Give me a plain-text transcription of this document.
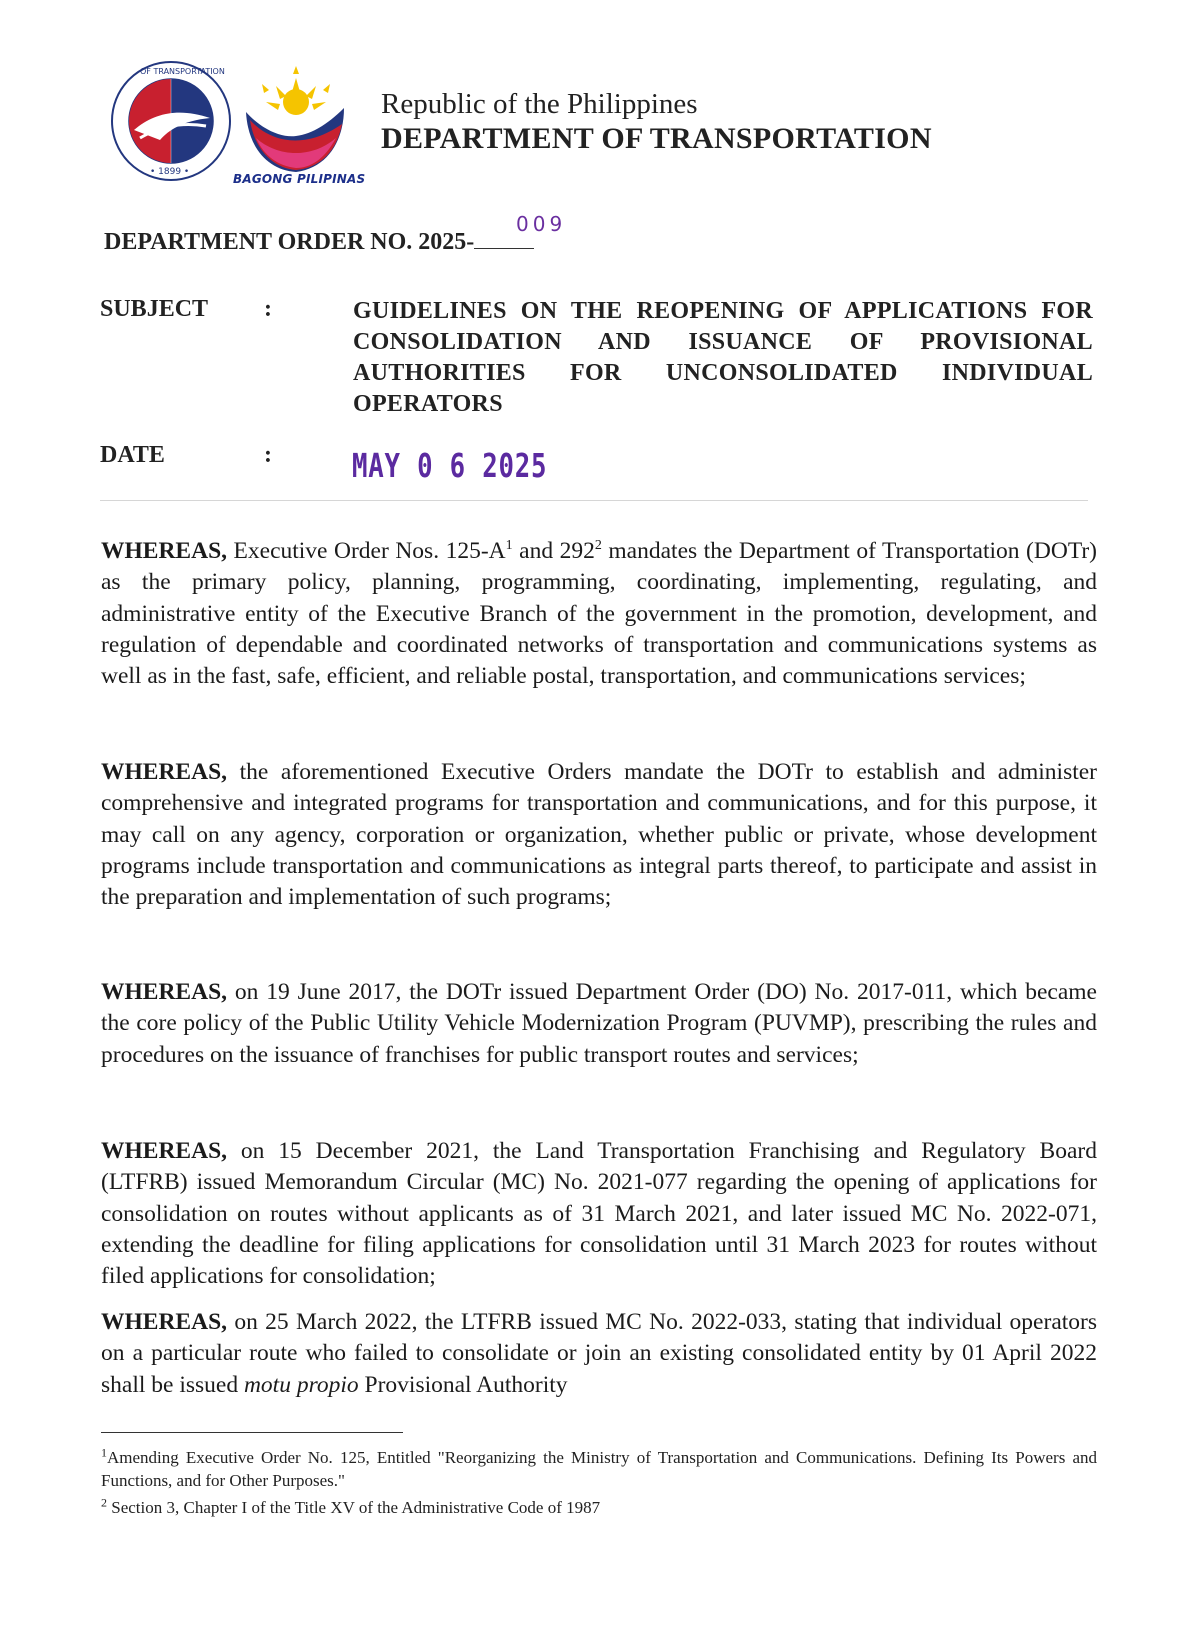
• 1899 •
OF TRANSPORTATION
BAGONG PILIPINAS
Republic of the Philippines
DEPARTMENT OF TRANSPORTATION
DEPARTMENT ORDER NO. 2025-
009
SUBJECT :	GUIDELINES ON THE REOPENING OF APPLICATIONS FOR CONSOLIDATION AND ISSUANCE OF PROVISIONAL AUTHORITIES FOR UNCONSOLIDATED INDIVIDUAL OPERATORS
DATE	: MAY 0 6 2025

WHEREAS, Executive Order Nos. $125-A^1$ and $292^2$ mandates the Department of Transportation (DOTr) as the primary policy, planning, programming, coordinating, implementing, regulating, and administrative entity of the Executive Branch of the government in the promotion, development, and regulation of dependable and coordinated networks of transportation and communications systems as well as in the fast, safe, efficient, and reliable postal, transportation, and communications services;

WHEREAS, the aforementioned Executive Orders mandate the DOTr to establish and administer comprehensive and integrated programs for transportation and communications, and for this purpose, it may call on any agency, corporation or organization, whether public or private, whose development programs include transportation and communications as integral parts thereof, to participate and assist in the preparation and implementation of such programs;

WHEREAS, on 19 June 2017, the DOTr issued Department Order (DO) No. 2017-011, which became the core policy of the Public Utility Vehicle Modernization Program (PUVMP), prescribing the rules and procedures on the issuance of franchises for public transport routes and services;

WHEREAS, on 15 December 2021, the Land Transportation Franchising and Regulatory Board (LTFRB) issued Memorandum Circular (MC) No. 2021-077 regarding the opening of applications for consolidation on routes without applicants as of 31 March 2021, and later issued MC No. 2022-071, extending the deadline for filing applications for consolidation until 31 March 2023 for routes without filed applications for consolidation;

WHEREAS, on 25 March 2022, the LTFRB issued MC No. 2022-033, stating that individual operators on a particular route who failed to consolidate or join an existing consolidated entity by 01 April 2022 shall be issued motu propio Provisional Authority

$^1$Amending Executive Order No. 125, Entitled "Reorganizing the Ministry of Transportation and Communications. Defining Its Powers and Functions, and for Other Purposes."
$^2$ Section 3, Chapter I of the Title XV of the Administrative Code of 1987
